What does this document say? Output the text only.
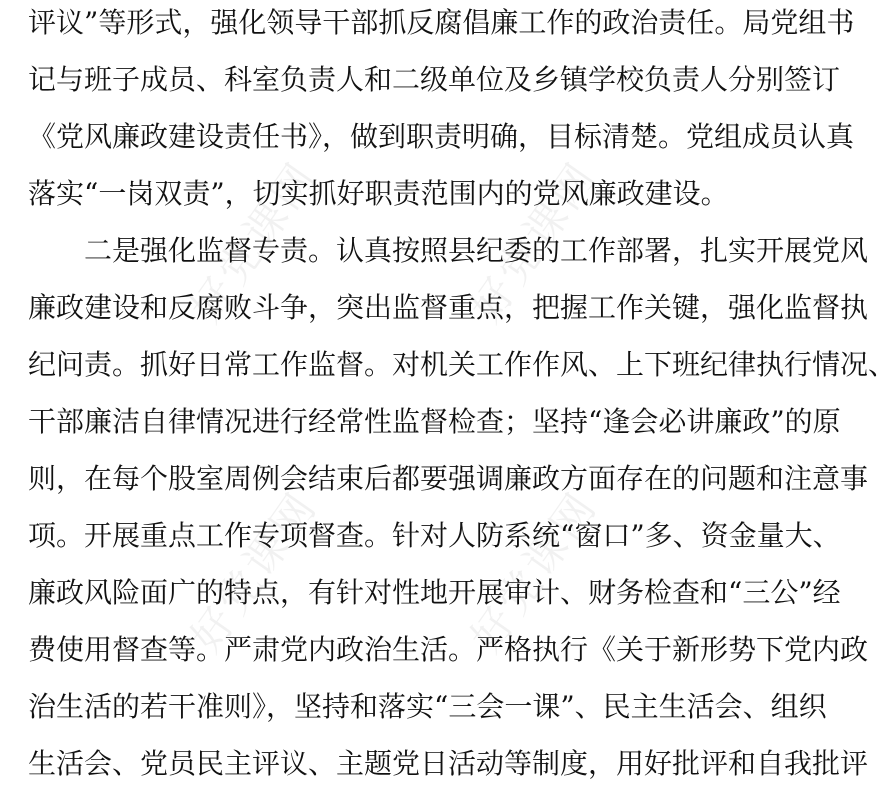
好党课网	好党课网
好党课网	好党课网
评议”等形式，强化领导干部抓反腐倡廉工作的政治责任。局党组书
记与班子成员、科室负责人和二级单位及乡镇学校负责人分别签订
《党风廉政建设责任书》，做到职责明确，目标清楚。党组成员认真
落实“一岗双责”，切实抓好职责范围内的党风廉政建设。
二是强化监督专责。认真按照县纪委的工作部署，扎实开展党风
廉政建设和反腐败斗争，突出监督重点，把握工作关键，强化监督执
纪问责。抓好日常工作监督。对机关工作作风、上下班纪律执行情况、
干部廉洁自律情况进行经常性监督检查；坚持“逢会必讲廉政”的原
则，在每个股室周例会结束后都要强调廉政方面存在的问题和注意事
项。开展重点工作专项督查。针对人防系统“窗口”多、资金量大、
廉政风险面广的特点，有针对性地开展审计、财务检查和“三公”经
费使用督查等。严肃党内政治生活。严格执行《关于新形势下党内政
治生活的若干准则》，坚持和落实“三会一课”、民主生活会、组织
生活会、党员民主评议、主题党日活动等制度，用好批评和自我批评
